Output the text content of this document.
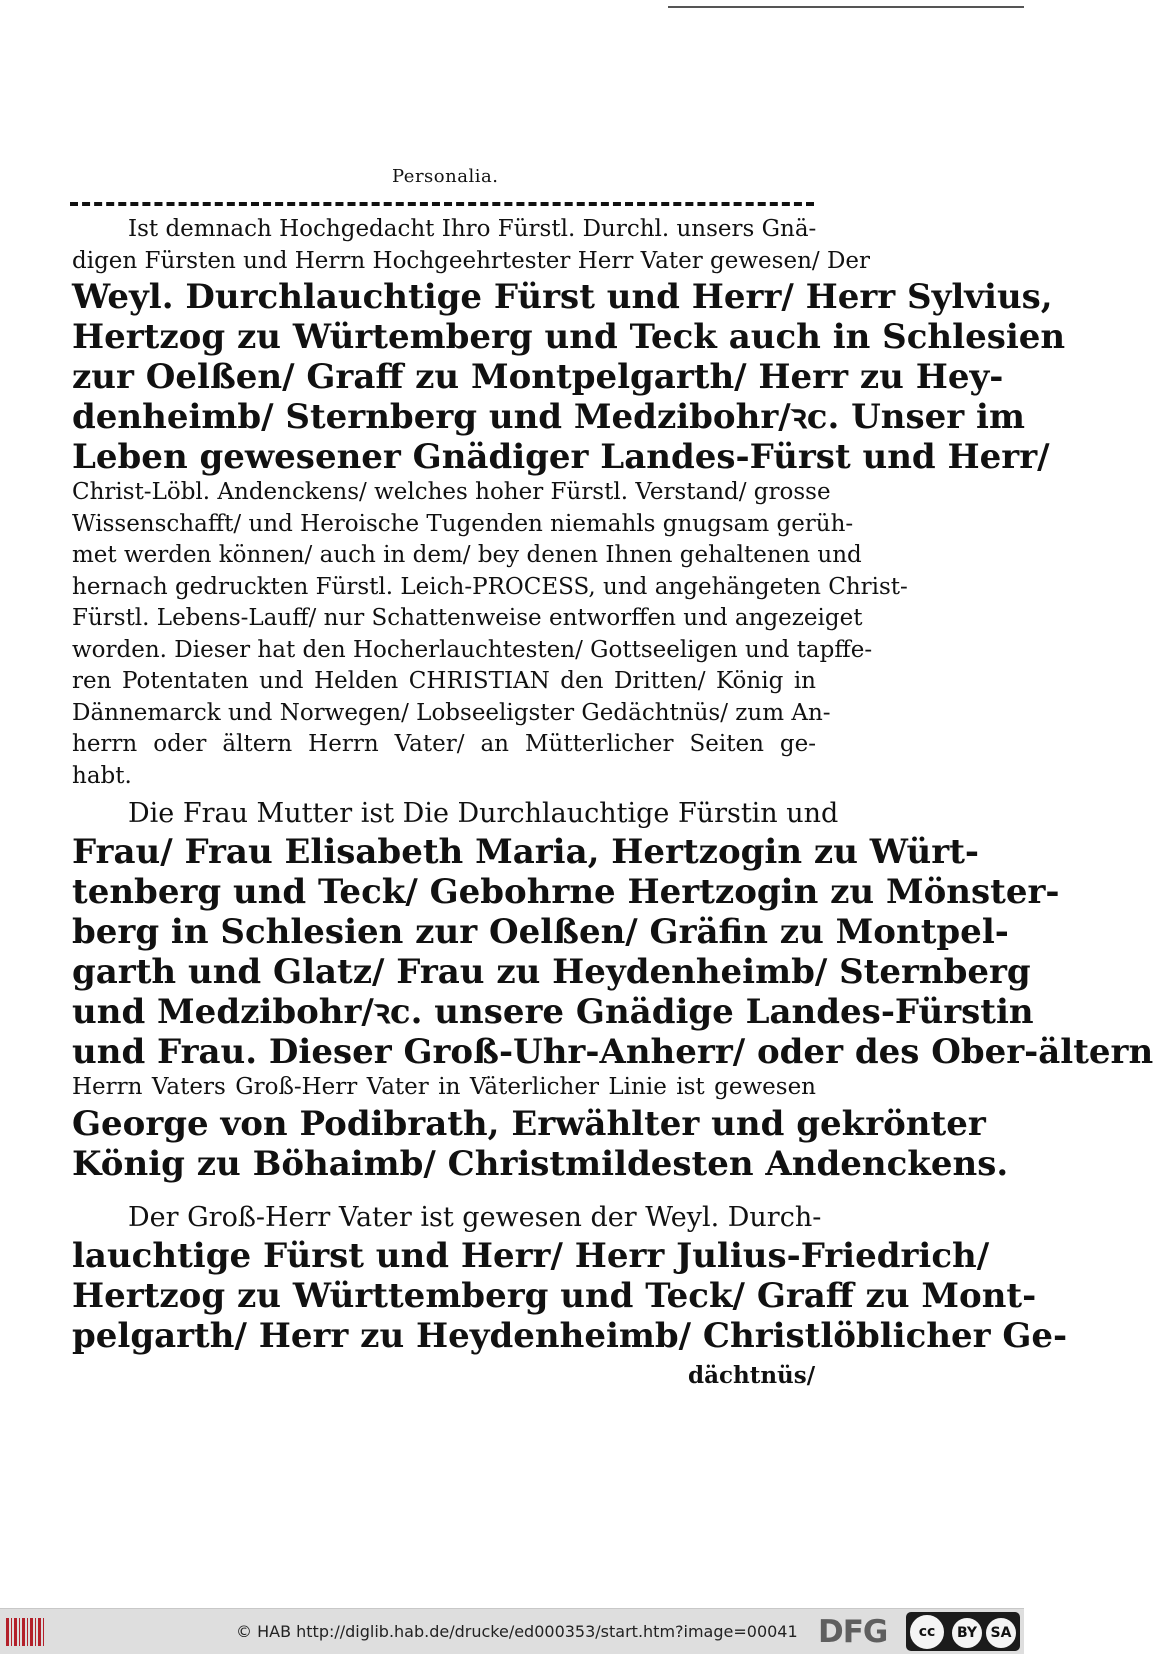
Personalia.
Ist demnach Hochgedacht Ihro Fürstl. Durchl. unsers Gnä-
digen Fürsten und Herrn Hochgeehrtester Herr Vater gewesen/ Der
Weyl. Durchlauchtige Fürst und Herr/ Herr Sylvius,
Hertzog zu Würtemberg und Teck auch in Schlesien
zur Oelßen/ Graff zu Montpelgarth/ Herr zu Hey-
denheimb/ Sternberg und Medzibohr/ꝛc. Unser im
Leben gewesener Gnädiger Landes-Fürst und Herr/
Christ-Löbl. Andenckens/ welches hoher Fürstl. Verstand/ grosse
Wissenschafft/ und Heroische Tugenden niemahls gnugsam gerüh-
met werden können/ auch in dem/ bey denen Ihnen gehaltenen und
hernach gedruckten Fürstl. Leich-PROCESS, und angehängeten Christ-
Fürstl. Lebens-Lauff/ nur Schattenweise entworffen und angezeiget
worden. Dieser hat den Hocherlauchtesten/ Gottseeligen und tapffe-
ren Potentaten und Helden CHRISTIAN den Dritten/ König in
Dännemarck und Norwegen/ Lobseeligster Gedächtnüs/ zum An-
herrn oder ältern Herrn Vater/ an Mütterlicher Seiten ge-
habt.
Die Frau Mutter ist Die Durchlauchtige Fürstin und
Frau/ Frau Elisabeth Maria, Hertzogin zu Würt-
tenberg und Teck/ Gebohrne Hertzogin zu Mönster-
berg in Schlesien zur Oelßen/ Gräfin zu Montpel-
garth und Glatz/ Frau zu Heydenheimb/ Sternberg
und Medzibohr/ꝛc. unsere Gnädige Landes-Fürstin
und Frau. Dieser Groß-Uhr-Anherr/ oder des Ober-ältern
Herrn Vaters Groß-Herr Vater in Väterlicher Linie ist gewesen
George von Podibrath, Erwählter und gekrönter
König zu Böhaimb/ Christmildesten Andenckens.
Der Groß-Herr Vater ist gewesen der Weyl. Durch-
lauchtige Fürst und Herr/ Herr Julius-Friedrich/
Hertzog zu Württemberg und Teck/ Graff zu Mont-
pelgarth/ Herr zu Heydenheimb/ Christlöblicher Ge-
dächtnüs/
© HAB http://diglib.hab.de/drucke/ed000353/start.htm?image=00041 DFG	cc	BY SA
